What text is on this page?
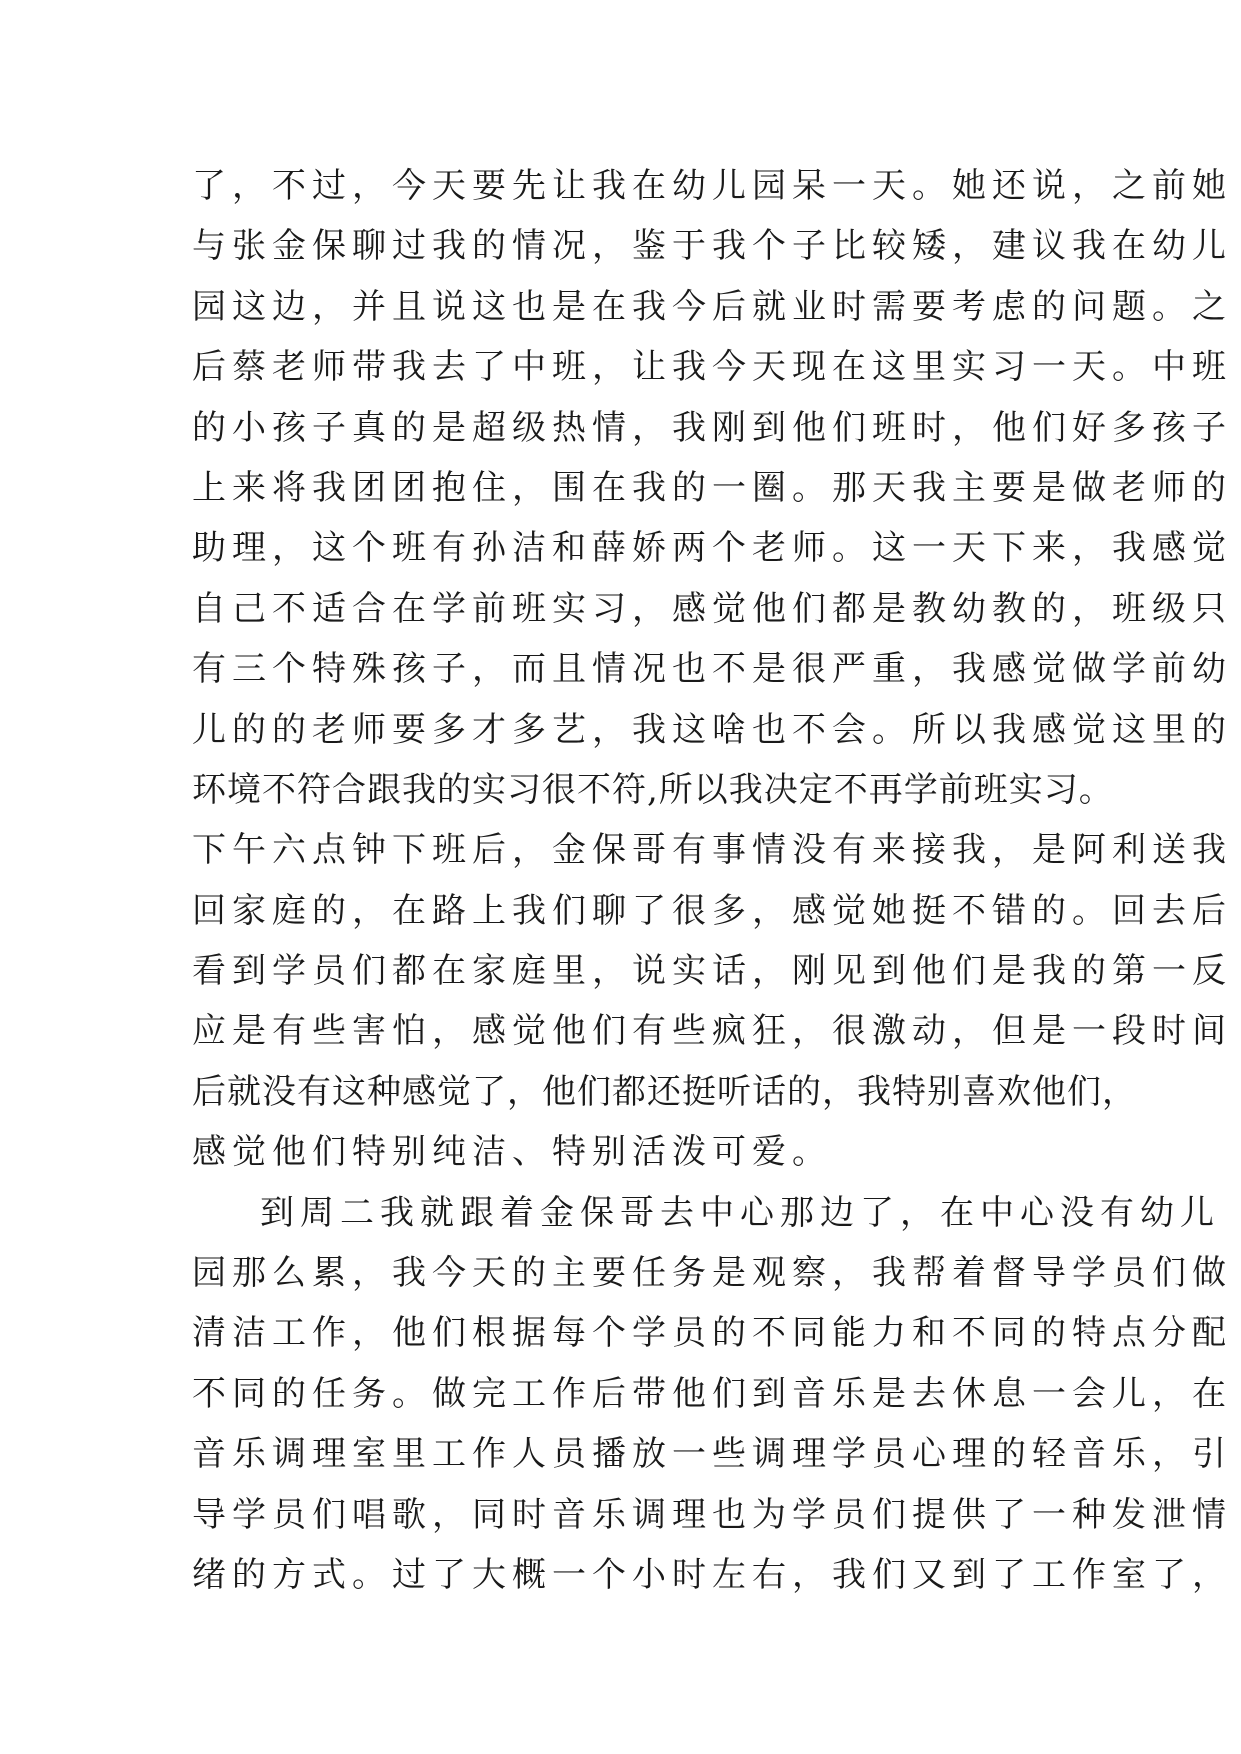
了，不过，今天要先让我在幼儿园呆一天。她还说，之前她
与张金保聊过我的情况，鉴于我个子比较矮，建议我在幼儿
园这边，并且说这也是在我今后就业时需要考虑的问题。之
后蔡老师带我去了中班，让我今天现在这里实习一天。中班
的小孩子真的是超级热情，我刚到他们班时，他们好多孩子
上来将我团团抱住，围在我的一圈。那天我主要是做老师的
助理，这个班有孙洁和薛娇两个老师。这一天下来，我感觉
自己不适合在学前班实习，感觉他们都是教幼教的，班级只
有三个特殊孩子，而且情况也不是很严重，我感觉做学前幼
儿的的老师要多才多艺，我这啥也不会。所以我感觉这里的
环境不符合跟我的实习很不符,所以我决定不再学前班实习。
下午六点钟下班后，金保哥有事情没有来接我，是阿利送我
回家庭的，在路上我们聊了很多，感觉她挺不错的。回去后
看到学员们都在家庭里，说实话，刚见到他们是我的第一反
应是有些害怕，感觉他们有些疯狂，很激动，但是一段时间
后就没有这种感觉了，他们都还挺听话的，我特别喜欢他们，
感觉他们特别纯洁、特别活泼可爱。
到周二我就跟着金保哥去中心那边了，在中心没有幼儿
园那么累，我今天的主要任务是观察，我帮着督导学员们做
清洁工作，他们根据每个学员的不同能力和不同的特点分配
不同的任务。做完工作后带他们到音乐是去休息一会儿，在
音乐调理室里工作人员播放一些调理学员心理的轻音乐，引
导学员们唱歌，同时音乐调理也为学员们提供了一种发泄情
绪的方式。过了大概一个小时左右，我们又到了工作室了，
